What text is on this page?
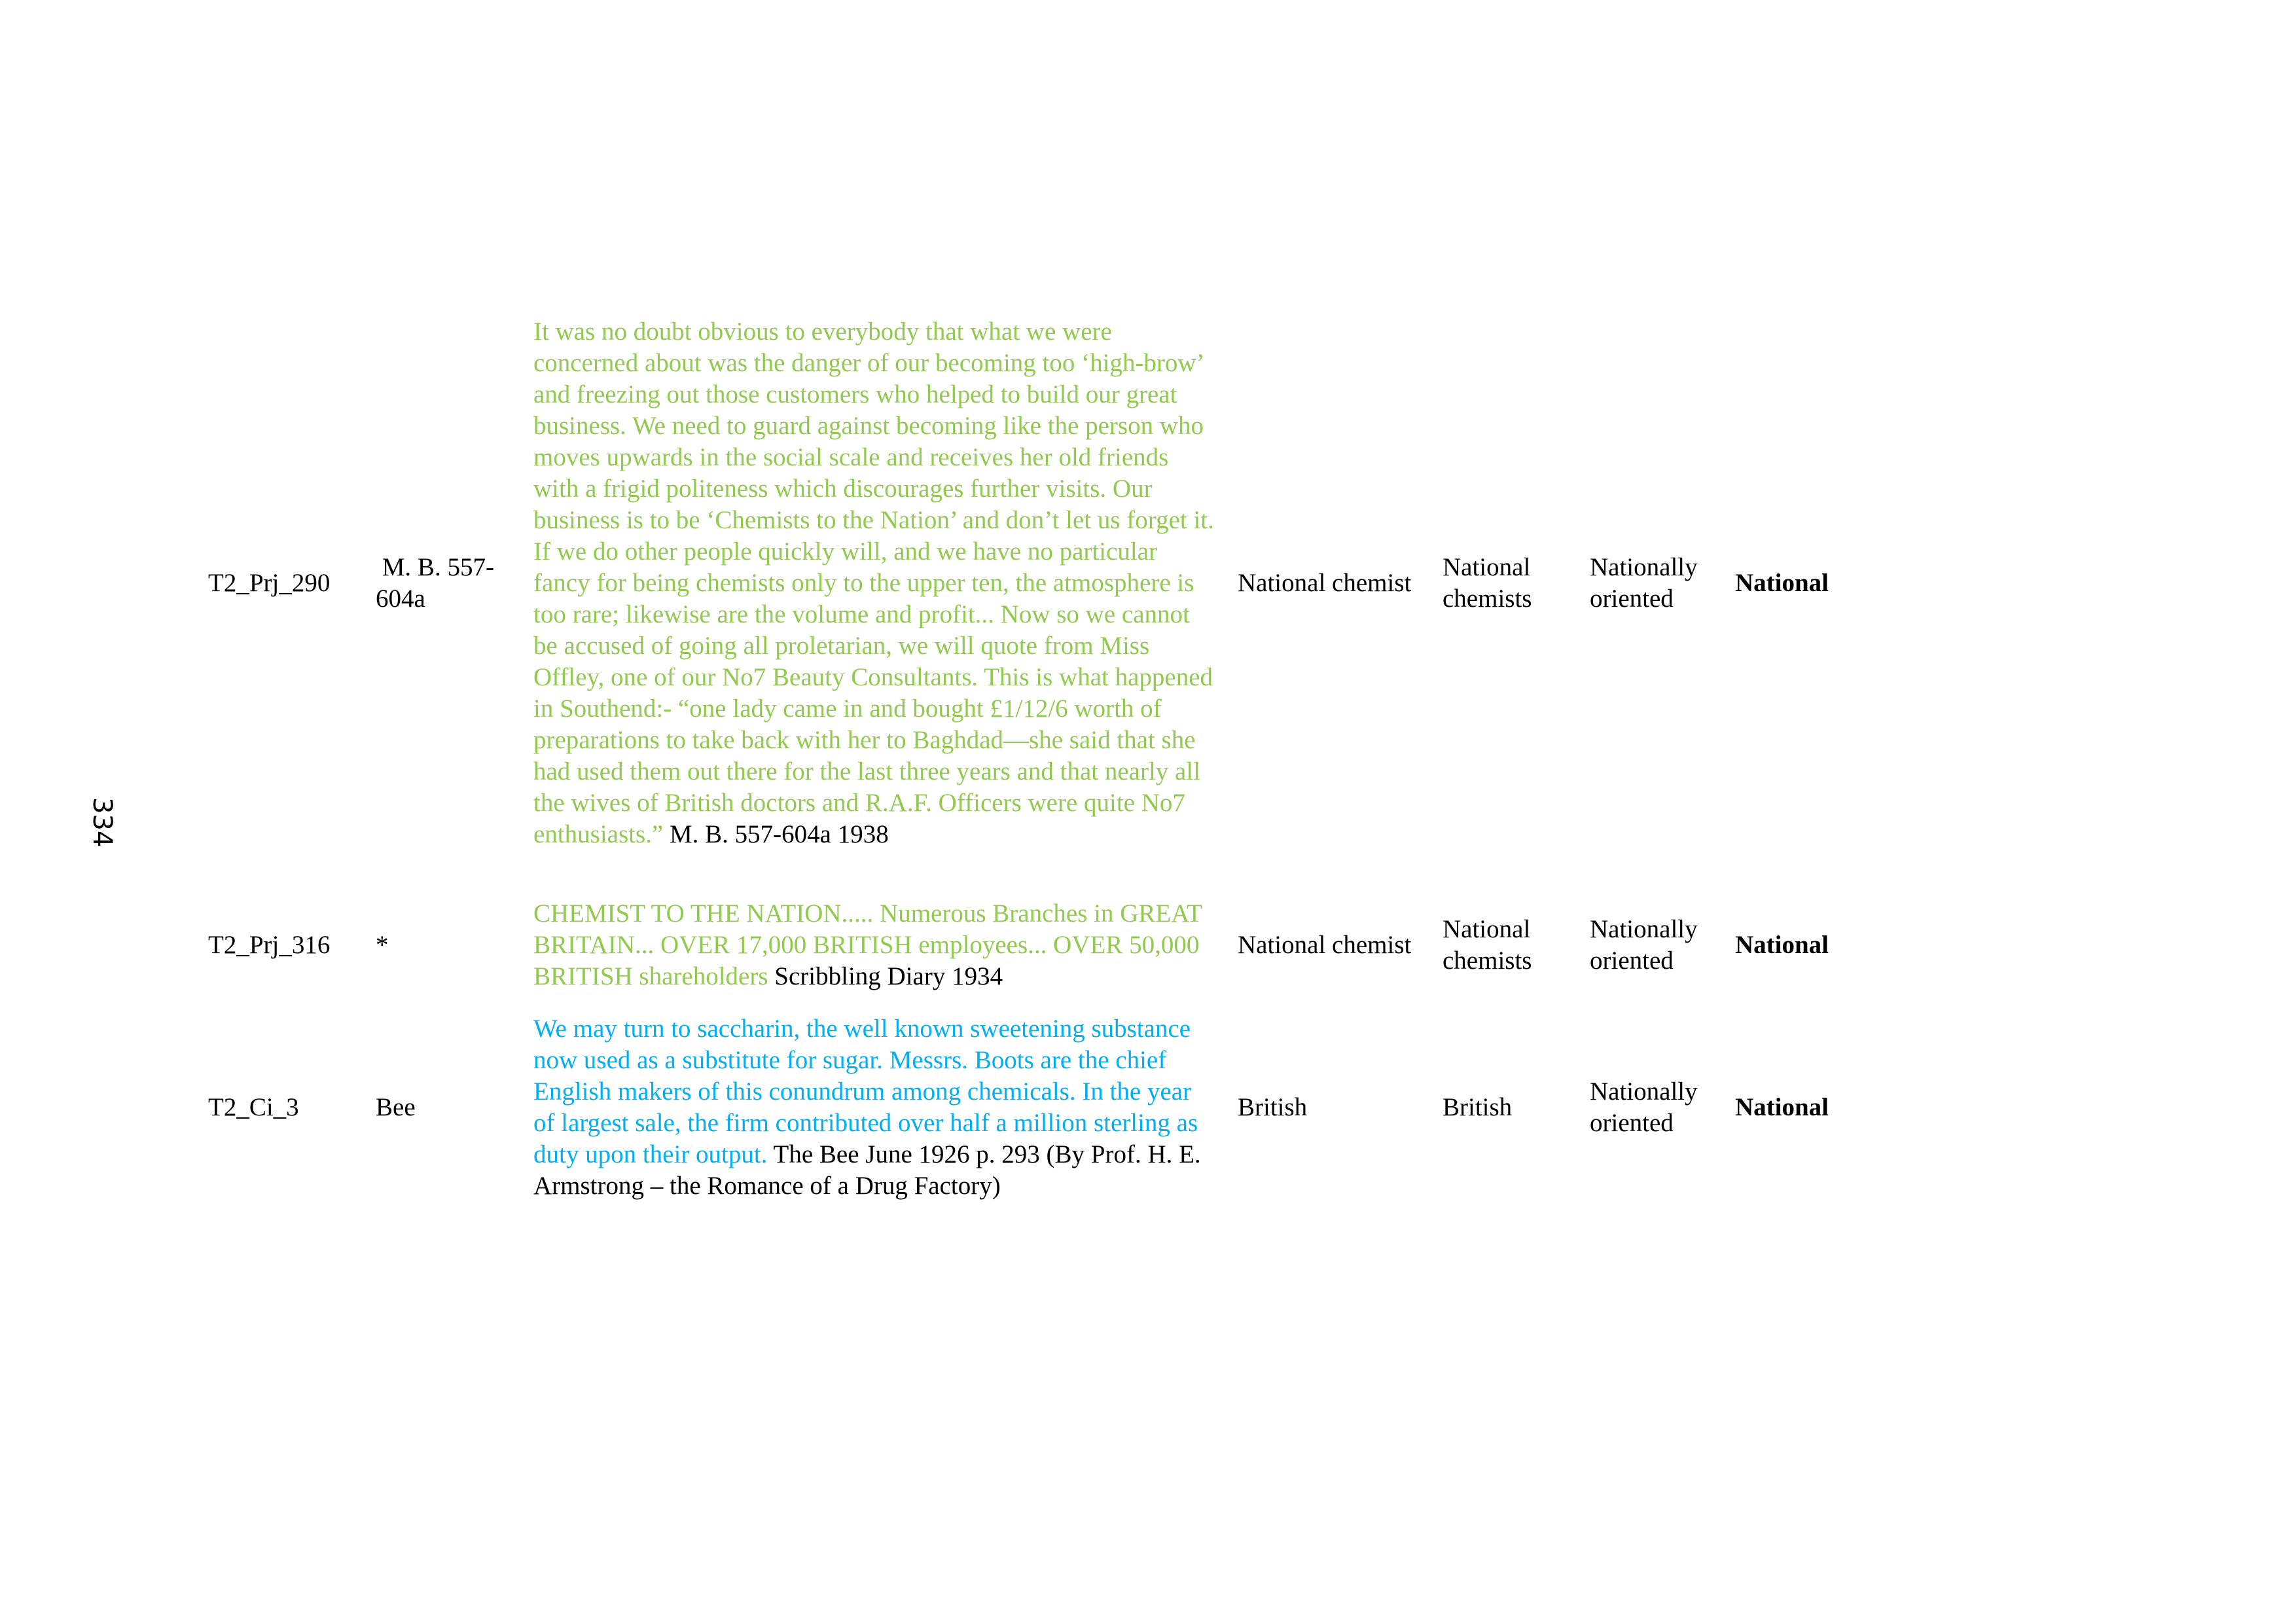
334
T2_Prj_290	M. B. 557-604a	It was no doubt obvious to everybody that what we were concerned about was the danger of our becoming too ‘high-brow’ and freezing out those customers who helped to build our great business. We need to guard against becoming like the person who moves upwards in the social scale and receives her old friends with a frigid politeness which discourages further visits. Our business is to be ‘Chemists to the Nation’ and don’t let us forget it. If we do other people quickly will, and we have no particular fancy for being chemists only to the upper ten, the atmosphere is too rare; likewise are the volume and profit... Now so we cannot be accused of going all proletarian, we will quote from Miss Offley, one of our No7 Beauty Consultants. This is what happened in Southend:- “one lady came in and bought £1/12/6 worth of preparations to take back with her to Baghdad—she said that she had used them out there for the last three years and that nearly all the wives of British doctors and R.A.F. Officers were quite No7 enthusiasts.” M. B. 557-604a 1938	National chemist	National chemists	Nationally oriented	National
T2_Prj_316	*	CHEMIST TO THE NATION..... Numerous Branches in GREAT BRITAIN... OVER 17,000 BRITISH employees... OVER 50,000 BRITISH shareholders Scribbling Diary 1934	National chemist	National chemists	Nationally oriented	National
T2_Ci_3	Bee	We may turn to saccharin, the well known sweetening substance now used as a substitute for sugar. Messrs. Boots are the chief English makers of this conundrum among chemicals. In the year of largest sale, the firm contributed over half a million sterling as duty upon their output. The Bee June 1926 p. 293 (By Prof. H. E. Armstrong – the Romance of a Drug Factory)	British	British	Nationally oriented	National
